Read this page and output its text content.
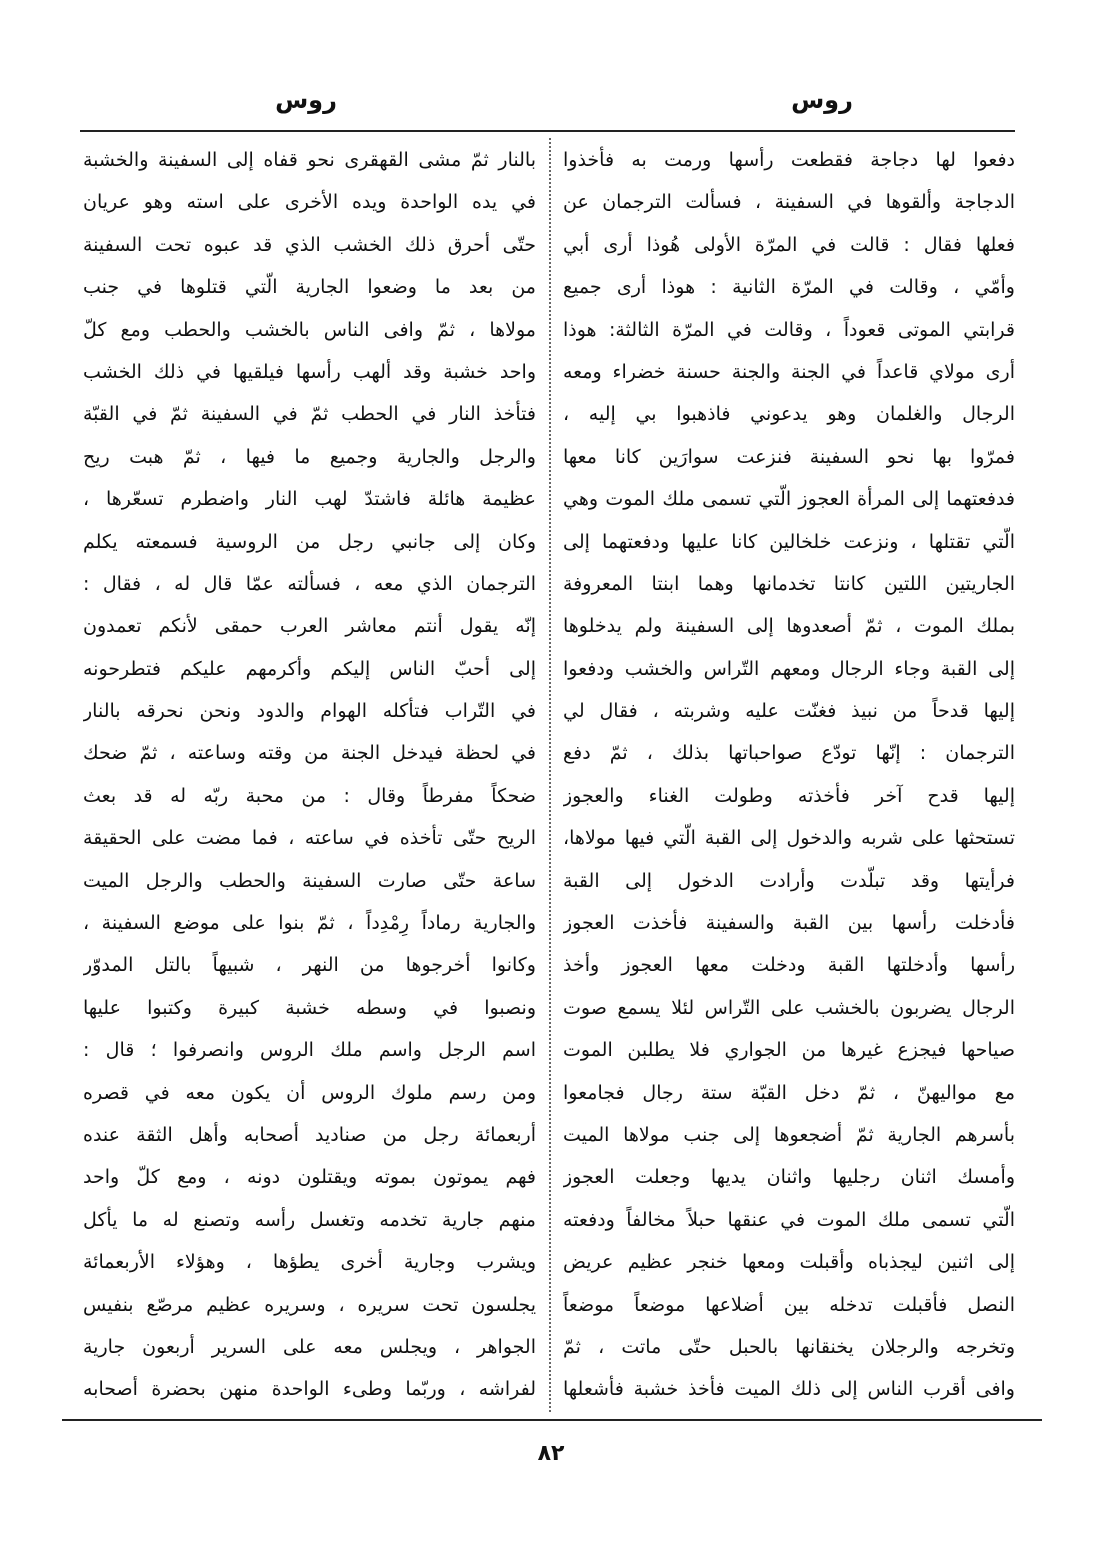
روس
روس
دفعوا لها دجاجة فقطعت رأسها ورمت به فأخذوا
الدجاجة وألقوها في السفينة ، فسألت الترجمان عن
فعلها فقال : قالت في المرّة الأولى هُوذا أرى أبي
وأمّي ، وقالت في المرّة الثانية : هوذا أرى جميع
قرابتي الموتى قعوداً ، وقالت في المرّة الثالثة: هوذا
أرى مولاي قاعداً في الجنة والجنة حسنة خضراء ومعه
الرجال والغلمان وهو يدعوني فاذهبوا بي إليه ،
فمرّوا بها نحو السفينة فنزعت سوارَين كانا معها
فدفعتهما إلى المرأة العجوز الّتي تسمى ملك الموت وهي
الّتي تقتلها ، ونزعت خلخالين كانا عليها ودفعتهما إلى
الجاريتين اللتين كانتا تخدمانها وهما ابنتا المعروفة
بملك الموت ، ثمّ أصعدوها إلى السفينة ولم يدخلوها
إلى القبة وجاء الرجال ومعهم التّراس والخشب ودفعوا
إليها قدحاً من نبيذ فغنّت عليه وشربته ، فقال لي
الترجمان : إنّها تودّع صواحباتها بذلك ، ثمّ دفع
إليها قدح آخر فأخذته وطولت الغناء والعجوز
تستحثها على شربه والدخول إلى القبة الّتي فيها مولاها،
فرأيتها وقد تبلّدت وأرادت الدخول إلى القبة
فأدخلت رأسها بين القبة والسفينة فأخذت العجوز
رأسها وأدخلتها القبة ودخلت معها العجوز وأخذ
الرجال يضربون بالخشب على التّراس لئلا يسمع صوت
صياحها فيجزع غيرها من الجواري فلا يطلبن الموت
مع مواليهنّ ، ثمّ دخل القبّة ستة رجال فجامعوا
بأسرهم الجارية ثمّ أضجعوها إلى جنب مولاها الميت
وأمسك اثنان رجليها واثنان يديها وجعلت العجوز
الّتي تسمى ملك الموت في عنقها حبلاً مخالفاً ودفعته
إلى اثنين ليجذباه وأقبلت ومعها خنجر عظيم عريض
النصل فأقبلت تدخله بين أضلاعها موضعاً موضعاً
وتخرجه والرجلان يخنقانها بالحبل حتّى ماتت ، ثمّ
وافى أقرب الناس إلى ذلك الميت فأخذ خشبة فأشعلها
بالنار ثمّ مشى القهقرى نحو قفاه إلى السفينة والخشبة
في يده الواحدة ويده الأخرى على استه وهو عريان
حتّى أحرق ذلك الخشب الذي قد عبوه تحت السفينة
من بعد ما وضعوا الجارية الّتي قتلوها في جنب
مولاها ، ثمّ وافى الناس بالخشب والحطب ومع كلّ
واحد خشبة وقد ألهب رأسها فيلقيها في ذلك الخشب
فتأخذ النار في الحطب ثمّ في السفينة ثمّ في القبّة
والرجل والجارية وجميع ما فيها ، ثمّ هبت ريح
عظيمة هائلة فاشتدّ لهب النار واضطرم تسعّرها ،
وكان إلى جانبي رجل من الروسية فسمعته يكلم
الترجمان الذي معه ، فسألته عمّا قال له ، فقال :
إنّه يقول أنتم معاشر العرب حمقى لأنكم تعمدون
إلى أحبّ الناس إليكم وأكرمهم عليكم فتطرحونه
في التّراب فتأكله الهوام والدود ونحن نحرقه بالنار
في لحظة فيدخل الجنة من وقته وساعته ، ثمّ ضحك
ضحكاً مفرطاً وقال : من محبة ربّه له قد بعث
الريح حتّى تأخذه في ساعته ، فما مضت على الحقيقة
ساعة حتّى صارت السفينة والحطب والرجل الميت
والجارية رماداً رِمْدِداً ، ثمّ بنوا على موضع السفينة ،
وكانوا أخرجوها من النهر ، شبيهاً بالتل المدوّر
ونصبوا في وسطه خشبة كبيرة وكتبوا عليها
اسم الرجل واسم ملك الروس وانصرفوا ؛ قال :
ومن رسم ملوك الروس أن يكون معه في قصره
أربعمائة رجل من صناديد أصحابه وأهل الثقة عنده
فهم يموتون بموته ويقتلون دونه ، ومع كلّ واحد
منهم جارية تخدمه وتغسل رأسه وتصنع له ما يأكل
ويشرب وجارية أخرى يطؤها ، وهؤلاء الأربعمائة
يجلسون تحت سريره ، وسريره عظيم مرصّع بنفيس
الجواهر ، ويجلس معه على السرير أربعون جارية
لفراشه ، وربّما وطىء الواحدة منهن بحضرة أصحابه
٨٢
